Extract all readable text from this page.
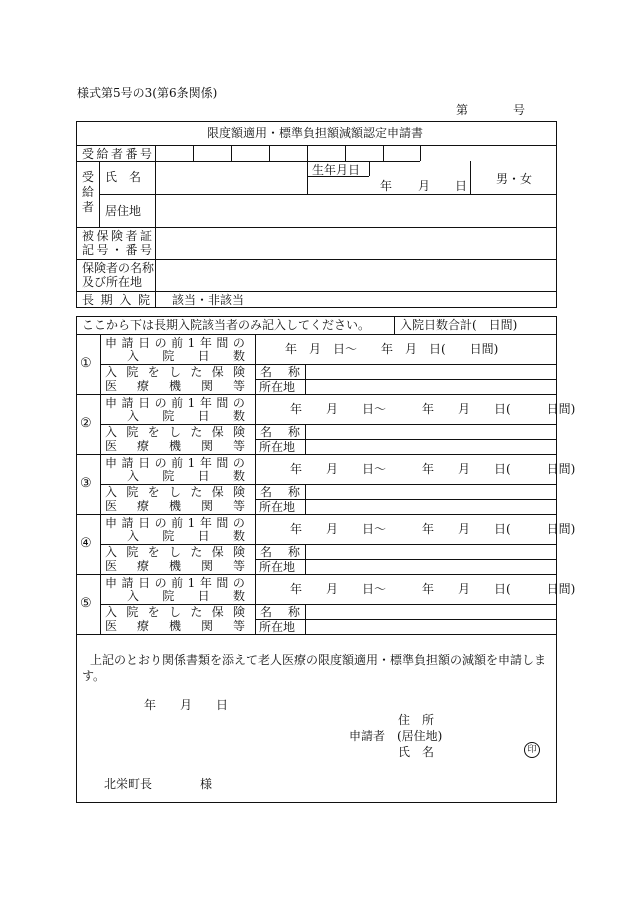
様式第5号の3(第6条関係)
第	号
限度額適用・標準負担額減額認定申請書
受 給 者 番 号
受
給
者
氏　名	生年月日
年 月 日 男・女
居住地
被 保 険 者 証
記 号 ・ 番 号
保険者の名称
及び所在地
長 期 入 院 該当・非該当
ここから下は長期入院該当者のみ記入してください。 入院日数合計(　日間)
①
申 請 日 の 前 1 年 間 の
入 院 日 数	年　月　日～　　年　月　日(　　日間)
入 院 を し た 保 険
医 療 機 関 等
名 称
所在地
②
申 請 日 の 前 1 年 間 の
入 院 日 数	年　　月　　日～　　　年　　月　　日(　　　日間)
入 院 を し た 保 険
医 療 機 関 等
名 称
所在地
③
申 請 日 の 前 1 年 間 の
入 院 日 数	年　　月　　日～　　　年　　月　　日(　　　日間)
入 院 を し た 保 険
医 療 機 関 等
名 称
所在地
④
申 請 日 の 前 1 年 間 の
入 院 日 数	年　　月　　日～　　　年　　月　　日(　　　日間)
入 院 を し た 保 険
医 療 機 関 等
名 称
所在地
⑤
申 請 日 の 前 1 年 間 の
入 院 日 数	年　　月　　日～　　　年　　月　　日(　　　日間)
入 院 を し た 保 険
医 療 機 関 等
名 称
所在地
上記のとおり関係書類を添えて老人医療の限度額適用・標準負担額の減額を申請しま
す。
年　　月　　日
住　所
申請者　(居住地)
氏　名	印
北栄町長　　　　様
